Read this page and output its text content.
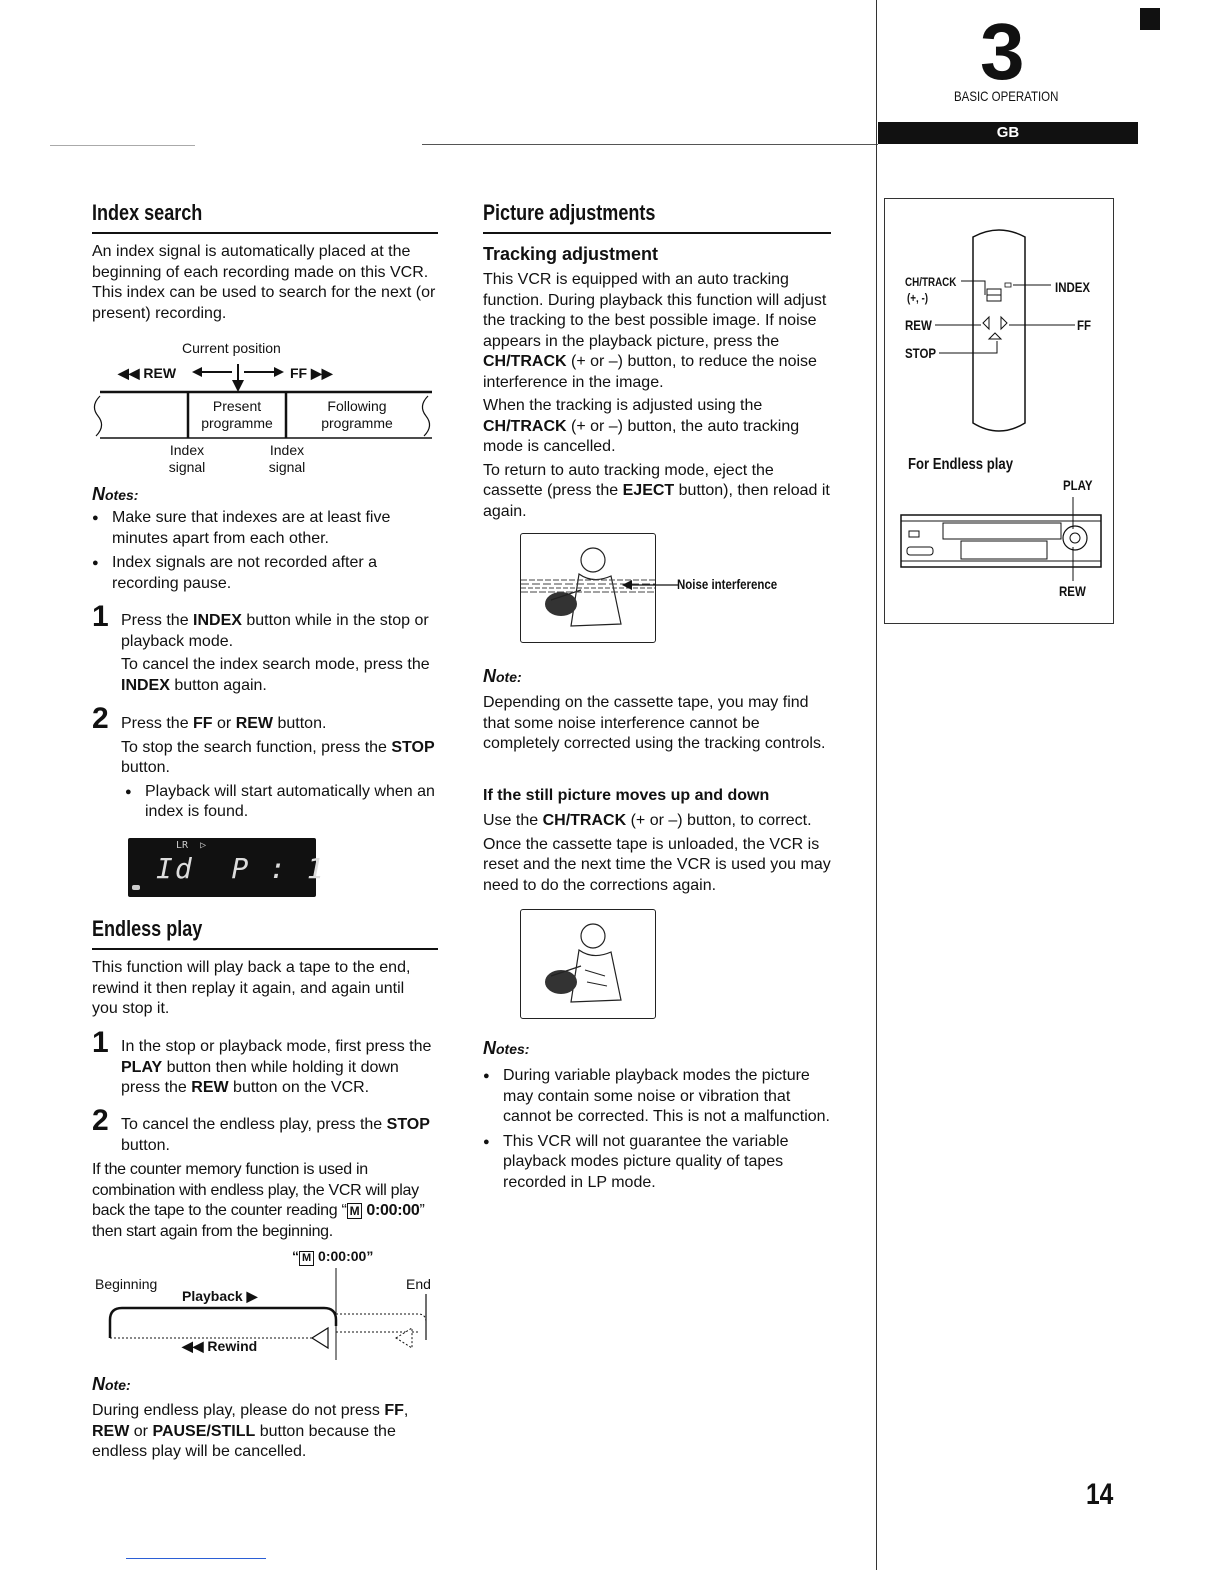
3
BASIC OPERATION
GB
Index search

An index signal is automatically placed at the beginning of each recording made on this VCR. This index can be used to search for the next (or present) recording.

Current position
◀◀ REW	FF ▶▶
Present
programme
Following
programme
Index
signal
Index
signal
Notes:

● Make sure that indexes are at least five minutes apart from each other.

● Index signals are not recorded after a recording pause.

1 Press the INDEX button while in the stop or playback mode.

To cancel the index search mode, press the INDEX button again.

2 Press the FF or REW button.

To stop the search function, press the STOP button.

● Playback will start automatically when an index is found.

LR  ▷
Id  P : 1
Endless play

This function will play back a tape to the end, rewind it then replay it again, and again until you stop it.

1 In the stop or playback mode, first press the PLAY button then while holding it down press the REW button on the VCR.

2 To cancel the endless play, press the STOP button.

If the counter memory function is used in combination with endless play, the VCR will play back the tape to the counter reading “ M 0:00:00” then start again from the beginning.

“ M 0:00:00”
Beginning	End
Playback ▶
◀◀ Rewind
Note:

During endless play, please do not press FF, REW or PAUSE/STILL button because the endless play will be cancelled.

Picture adjustments
Tracking adjustment

This VCR is equipped with an auto tracking function. During playback this function will adjust the tracking to the best possible image. If noise appears in the playback picture, press the CH/TRACK (+ or –) button, to reduce the noise interference in the image.

When the tracking is adjusted using the CH/TRACK (+ or –) button, the auto tracking mode is cancelled.

To return to auto tracking mode, eject the cassette (press the EJECT button), then reload it again.

Noise interference
Note:

Depending on the cassette tape, you may find that some noise interference cannot be completely corrected using the tracking controls.

If the still picture moves up and down

Use the CH/TRACK (+ or –) button, to correct.

Once the cassette tape is unloaded, the VCR is reset and the next time the VCR is used you may need to do the corrections again.

Notes:

● During variable playback modes the picture may contain some noise or vibration that cannot be corrected. This is not a malfunction.

● This VCR will not guarantee the variable playback modes picture quality of tapes recorded in LP mode.

CH/TRACK
(+, -)
INDEX
REW	FF
STOP
For Endless play
PLAY
REW
14
